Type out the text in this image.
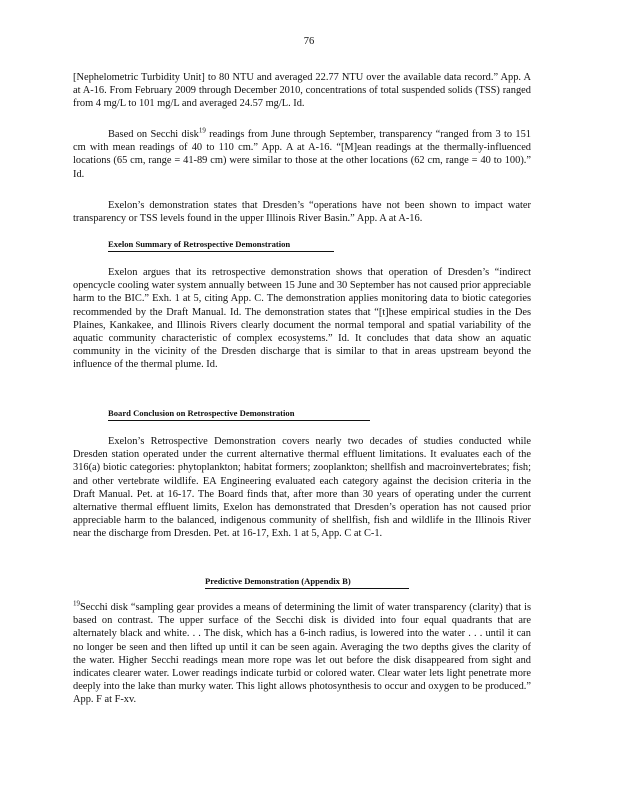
76

[Nephelometric Turbidity Unit] to 80 NTU and averaged 22.77 NTU over the available data record.” App. A at A-16. From February 2009 through December 2010, concentrations of total suspended solids (TSS) ranged from 4 mg/L to 101 mg/L and averaged 24.57 mg/L. Id.

Based on Secchi disk$^{19}$ readings from June through September, transparency “ranged from 3 to 151 cm with mean readings of 40 to 110 cm.” App. A at A-16. “[M]ean readings at the thermally-influenced locations (65 cm, range = 41-89 cm) were similar to those at the other locations (62 cm, range = 40 to 100).” Id.

Exelon’s demonstration states that Dresden’s “operations have not been shown to impact water transparency or TSS levels found in the upper Illinois River Basin.” App. A at A-16.

Exelon Summary of Retrospective Demonstration

Exelon argues that its retrospective demonstration shows that operation of Dresden’s “indirect opencycle cooling water system annually between 15 June and 30 September has not caused prior appreciable harm to the BIC.” Exh. 1 at 5, citing App. C. The demonstration applies monitoring data to biotic categories recommended by the Draft Manual. Id. The demonstration states that “[t]hese empirical studies in the Des Plaines, Kankakee, and Illinois Rivers clearly document the normal temporal and spatial variability of the aquatic community characteristic of complex ecosystems.” Id. It concludes that data show an aquatic community in the vicinity of the Dresden discharge that is similar to that in areas upstream beyond the influence of the thermal plume. Id.

Board Conclusion on Retrospective Demonstration

Exelon’s Retrospective Demonstration covers nearly two decades of studies conducted while Dresden station operated under the current alternative thermal effluent limitations. It evaluates each of the 316(a) biotic categories: phytoplankton; habitat formers; zooplankton; shellfish and macroinvertebrates; fish; and other vertebrate wildlife. EA Engineering evaluated each category against the decision criteria in the Draft Manual. Pet. at 16-17. The Board finds that, after more than 30 years of operating under the current alternative thermal effluent limits, Exelon has demonstrated that Dresden’s operation has not caused prior appreciable harm to the balanced, indigenous community of shellfish, fish and wildlife in the Illinois River near the discharge from Dresden. Pet. at 16-17, Exh. 1 at 5, App. C at C-1.

Predictive Demonstration (Appendix B)

$^{19}$Secchi disk “sampling gear provides a means of determining the limit of water transparency (clarity) that is based on contrast. The upper surface of the Secchi disk is divided into four equal quadrants that are alternately black and white. . . The disk, which has a 6-inch radius, is lowered into the water . . . until it can no longer be seen and then lifted up until it can be seen again. Averaging the two depths gives the clarity of the water. Higher Secchi readings mean more rope was let out before the disk disappeared from sight and indicates clearer water. Lower readings indicate turbid or colored water. Clear water lets light penetrate more deeply into the lake than murky water. This light allows photosynthesis to occur and oxygen to be produced.” App. F at F-xv.
